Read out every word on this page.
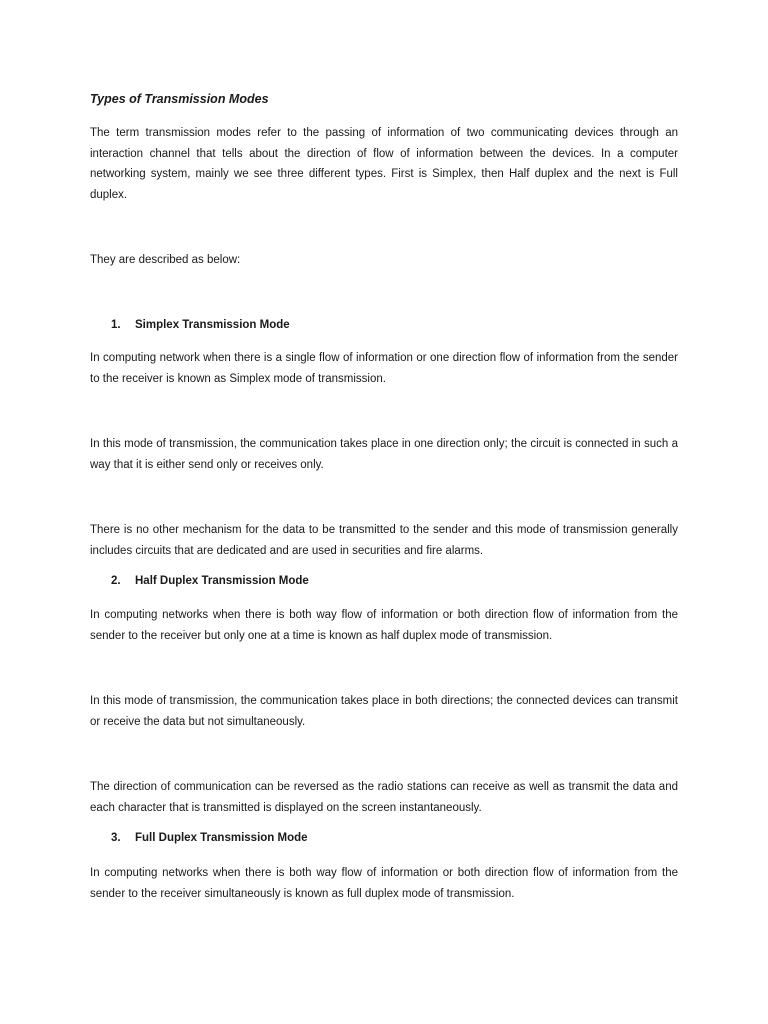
Types of Transmission Modes

The term transmission modes refer to the passing of information of two communicating devices through an interaction channel that tells about the direction of flow of information between the devices. In a computer networking system, mainly we see three different types. First is Simplex, then Half duplex and the next is Full duplex.

They are described as below:

1. Simplex Transmission Mode

In computing network when there is a single flow of information or one direction flow of information from the sender to the receiver is known as Simplex mode of transmission.

In this mode of transmission, the communication takes place in one direction only; the circuit is connected in such a way that it is either send only or receives only.

There is no other mechanism for the data to be transmitted to the sender and this mode of transmission generally includes circuits that are dedicated and are used in securities and fire alarms.

2. Half Duplex Transmission Mode

In computing networks when there is both way flow of information or both direction flow of information from the sender to the receiver but only one at a time is known as half duplex mode of transmission.

In this mode of transmission, the communication takes place in both directions; the connected devices can transmit or receive the data but not simultaneously.

The direction of communication can be reversed as the radio stations can receive as well as transmit the data and each character that is transmitted is displayed on the screen instantaneously.

3. Full Duplex Transmission Mode

In computing networks when there is both way flow of information or both direction flow of information from the sender to the receiver simultaneously is known as full duplex mode of transmission.
